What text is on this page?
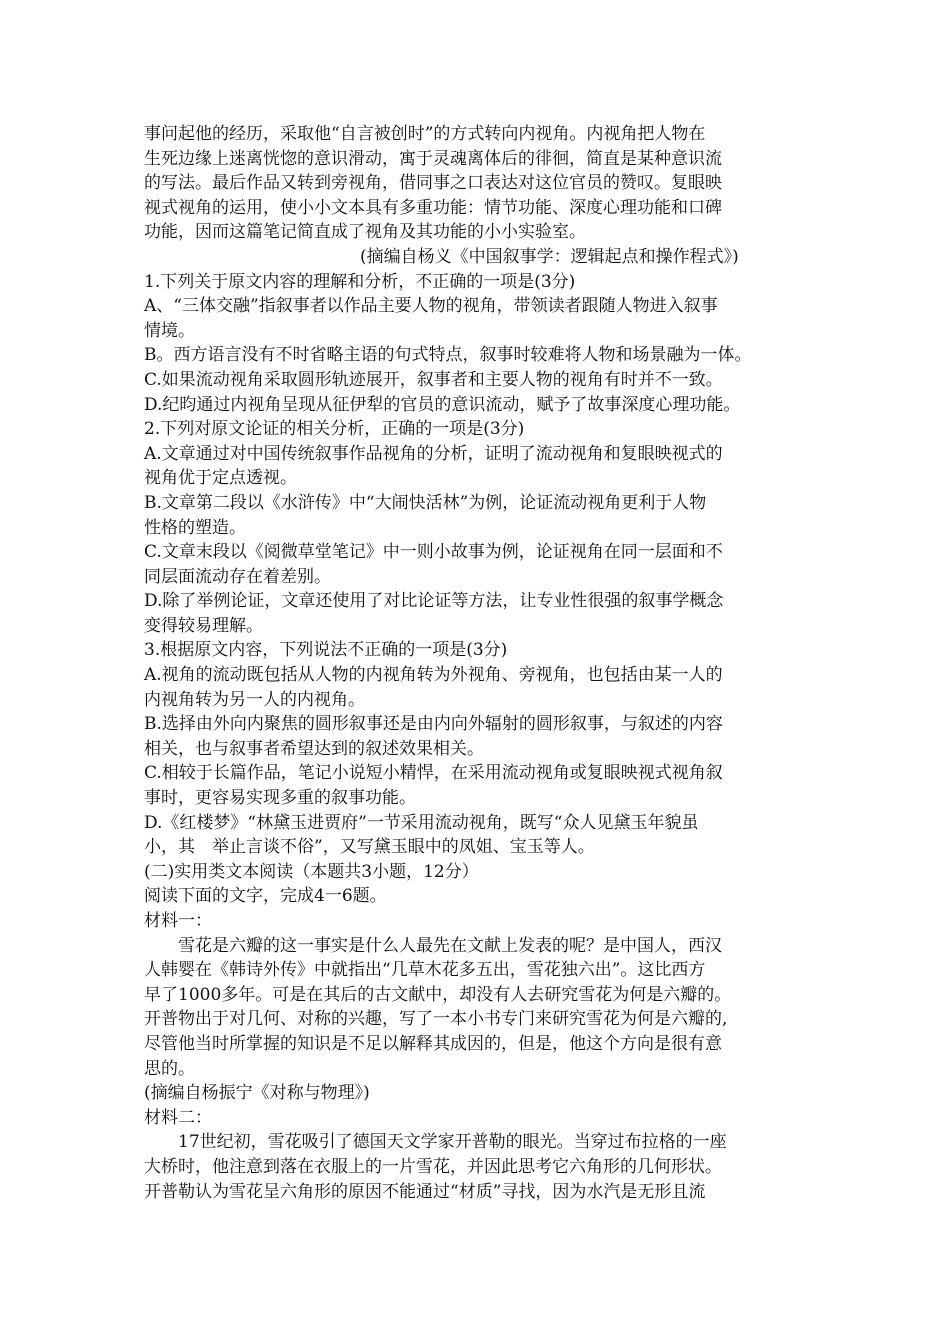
事问起他的经历，采取他“自言被创时”的方式转向内视角。内视角把人物在
生死边缘上迷离恍惚的意识滑动，寓于灵魂离体后的徘徊，简直是某种意识流
的写法。最后作品又转到旁视角，借同事之口表达对这位官员的赞叹。复眼映
视式视角的运用，使小小文本具有多重功能：情节功能、深度心理功能和口碑
功能，因而这篇笔记简直成了视角及其功能的小小实验室。
(摘编自杨义《中国叙事学：逻辑起点和操作程式》)
1.下列关于原文内容的理解和分析，不正确的一项是(3分)
A、“三体交融”指叙事者以作品主要人物的视角，带领读者跟随人物进入叙事
情境。
B。西方语言没有不时省略主语的句式特点，叙事时较难将人物和场景融为一体。
C.如果流动视角采取圆形轨迹展开，叙事者和主要人物的视角有时并不一致。
D.纪昀通过内视角呈现从征伊犁的官员的意识流动，赋予了故事深度心理功能。
2.下列对原文论证的相关分析，正确的一项是(3分)
A.文章通过对中国传统叙事作品视角的分析，证明了流动视角和复眼映视式的
视角优于定点透视。
B.文章第二段以《水浒传》中“大闹快活林”为例，论证流动视角更利于人物
性格的塑造。
C.文章末段以《阅微草堂笔记》中一则小故事为例，论证视角在同一层面和不
同层面流动存在着差别。
D.除了举例论证，文章还使用了对比论证等方法，让专业性很强的叙事学概念
变得较易理解。
3.根据原文内容，下列说法不正确的一项是(3分)
A.视角的流动既包括从人物的内视角转为外视角、旁视角，也包括由某一人的
内视角转为另一人的内视角。
B.选择由外向内聚焦的圆形叙事还是由内向外辐射的圆形叙事，与叙述的内容
相关，也与叙事者希望达到的叙述效果相关。
C.相较于长篇作品，笔记小说短小精悍，在采用流动视角或复眼映视式视角叙
事时，更容易实现多重的叙事功能。
D.《红楼梦》“林黛玉进贾府”一节采用流动视角，既写“众人见黛玉年貌虽
小，其　举止言谈不俗”，又写黛玉眼中的凤姐、宝玉等人。
(二)实用类文本阅读（本题共3小题，12分）
阅读下面的文字，完成4一6题。
材料一：
雪花是六瓣的这一事实是什么人最先在文献上发表的呢？是中国人，西汉
人韩婴在《韩诗外传》中就指出“几草木花多五出，雪花独六出”。这比西方
早了1000多年。可是在其后的古文献中，却没有人去研究雪花为何是六瓣的。
开普物出于对几何、对称的兴趣，写了一本小书专门来研究雪花为何是六瓣的,
尽管他当时所掌握的知识是不足以解释其成因的，但是，他这个方向是很有意
思的。
(摘编自杨振宁《对称与物理》)
材料二：
17世纪初，雪花吸引了德国天文学家开普勒的眼光。当穿过布拉格的一座
大桥时，他注意到落在衣服上的一片雪花，并因此思考它六角形的几何形状。
开普勒认为雪花呈六角形的原因不能通过“材质”寻找，因为水汽是无形且流
